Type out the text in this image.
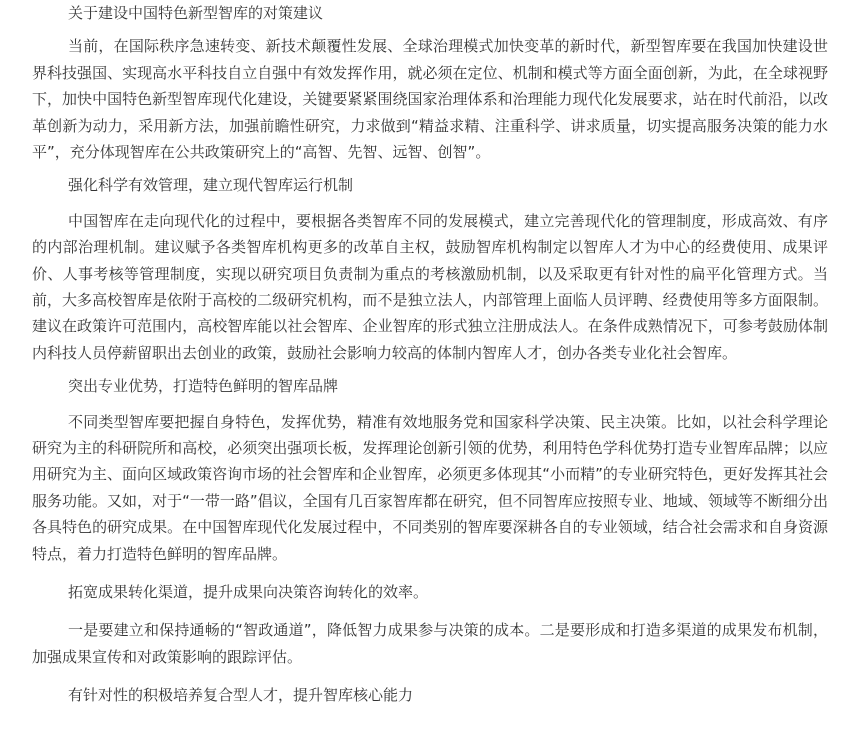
关于建设中国特色新型智库的对策建议

当前，在国际秩序急速转变、新技术颠覆性发展、全球治理模式加快变革的新时代，新型智库要在我国加快建设世界科技强国、实现高水平科技自立自强中有效发挥作用，就必须在定位、机制和模式等方面全面创新，为此，在全球视野下，加快中国特色新型智库现代化建设，关键要紧紧围绕国家治理体系和治理能力现代化发展要求，站在时代前沿，以改革创新为动力，采用新方法，加强前瞻性研究，力求做到“精益求精、注重科学、讲求质量，切实提高服务决策的能力水平”，充分体现智库在公共政策研究上的“高智、先智、远智、创智”。

强化科学有效管理，建立现代智库运行机制

中国智库在走向现代化的过程中，要根据各类智库不同的发展模式，建立完善现代化的管理制度，形成高效、有序的内部治理机制。建议赋予各类智库机构更多的改革自主权，鼓励智库机构制定以智库人才为中心的经费使用、成果评价、人事考核等管理制度，实现以研究项目负责制为重点的考核激励机制，以及采取更有针对性的扁平化管理方式。当前，大多高校智库是依附于高校的二级研究机构，而不是独立法人，内部管理上面临人员评聘、经费使用等多方面限制。建议在政策许可范围内，高校智库能以社会智库、企业智库的形式独立注册成法人。在条件成熟情况下，可参考鼓励体制内科技人员停薪留职出去创业的政策，鼓励社会影响力较高的体制内智库人才，创办各类专业化社会智库。

突出专业优势，打造特色鲜明的智库品牌

不同类型智库要把握自身特色，发挥优势，精准有效地服务党和国家科学决策、民主决策。比如，以社会科学理论研究为主的科研院所和高校，必须突出强项长板，发挥理论创新引领的优势，利用特色学科优势打造专业智库品牌；以应用研究为主、面向区域政策咨询市场的社会智库和企业智库，必须更多体现其“小而精”的专业研究特色，更好发挥其社会服务功能。又如，对于“一带一路”倡议，全国有几百家智库都在研究，但不同智库应按照专业、地域、领域等不断细分出各具特色的研究成果。在中国智库现代化发展过程中，不同类别的智库要深耕各自的专业领域，结合社会需求和自身资源特点，着力打造特色鲜明的智库品牌。

拓宽成果转化渠道，提升成果向决策咨询转化的效率。

一是要建立和保持通畅的“智政通道”，降低智力成果参与决策的成本。二是要形成和打造多渠道的成果发布机制，加强成果宣传和对政策影响的跟踪评估。

有针对性的积极培养复合型人才，提升智库核心能力
